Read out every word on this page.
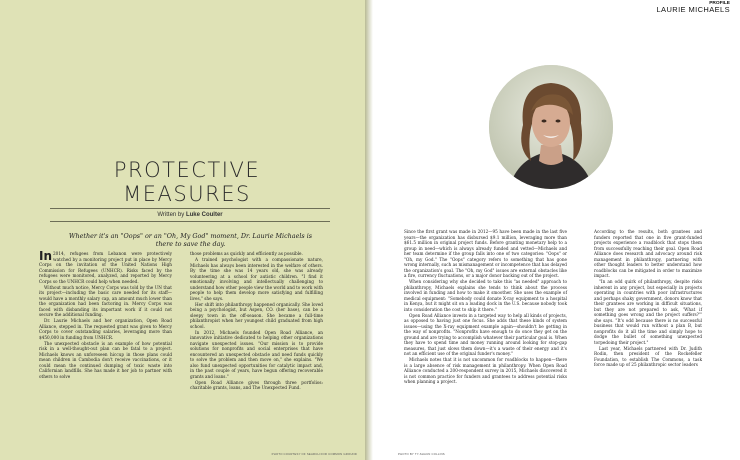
PROTECTIVE
MEASURES
Written by Luke Coulter
Whether it's an "Oops" or an "Oh, My God" moment, Dr. Laurie Michaels is there to save the day.

In 2014, refugees from Lebanon were protectively watched by a monitoring project put in place by Mercy Corps on the invitation of the United Nations High Commission for Refugees (UNHCR). Risks faced by the refugees were monitored, analyzed, and reported by Mercy Corps so the UNHCR could help when needed.

Without much notice, Mercy Corps was told by the UN that its project—including the basic care needed for its staff—would have a monthly salary cap, an amount much lower than the organization had been factoring in. Mercy Corps was faced with disbanding its important work if it could not secure the additional funding.

Dr. Laurie Michaels and her organization, Open Road Alliance, stepped in. The requested grant was given to Mercy Corps to cover outstanding salaries, leveraging more than $450,000 in funding from UNHCR.

The unexpected obstacle is an example of how potential risk in a well-thought-out plan can be fatal to a project. Michaels knows an unforeseen hiccup in those plans could mean children in Cambodia don't receive vaccinations, or it could mean the continued dumping of toxic waste into Californian landfills. She has made it her job to partner with others to solve

those problems as quickly and efficiently as possible.

A trained psychologist with a compassionate nature, Michaels has always been interested in the welfare of others. By the time she was 14 years old, she was already volunteering at a school for autistic children. "I find it emotionally involving and intellectually challenging to understand how other people view the world and to work with people to help them develop more satisfying and fulfilling lives," she says.

Her shift into philanthropy happened organically. She loved being a psychologist, but Aspen, CO. (her base), can be a sleepy town in the off-season. She became a full-time philanthropist when her youngest child graduated from high school.

In 2012, Michaels founded Open Road Alliance, an innovative initiative dedicated to helping other organizations navigate unexpected issues. "Our mission is to provide solutions for nonprofits and social enterprises that have encountered an unexpected obstacle and need funds quickly to solve the problem and then move on," she explains. "We also fund unexpected opportunities for catalytic impact and, in the past couple of years, have begun offering recoverable grants and loans."

Open Road Alliance gives through three portfolios: charitable grants, loans, and The Unexpected Fund.

PHOTO COURTESY OF SEARCH FOR COMMON GROUND

Since the first grant was made in 2012—95 have been made in the last five years—the organization has disbursed $9.1 million, leveraging more than $61.5 million in original project funds. Before granting monetary help to a group in need—which is always already funded and vetted—Michaels and her team determine if the group falls into one of two categories: "Oops" or "Oh, my God." The "Oops" category refers to something that has gone wrong internally, such as mismanagement or incompetence that has delayed the organization's goal. The "Oh, my God" issues are external obstacles like a fire, currency fluctuations, or a major donor backing out of the project.

When considering why she decided to take this "as needed" approach to philanthropy, Michaels explains she tends to think about the process involved in funding and how to make it smoother. She uses the example of medical equipment: "Somebody could donate X-ray equipment to a hospital in Kenya, but it might sit on a loading dock in the U.S. because nobody took into consideration the cost to ship it there."

Open Road Alliance invests in a targeted way to help all kinds of projects, as opposed to having just one focus. She adds that these kinds of system issues—using the X-ray equipment example again—shouldn't be getting in the way of nonprofits. "Nonprofits have enough to do once they get on the ground and are trying to accomplish whatever their particular goal is. When they have to spend time and money running around looking for stop-gap measures, that just slows them down—it's a waste of their energy and it's not an efficient use of the original funder's money."

Michaels notes that it is not uncommon for roadblocks to happen—there is a large absence of risk management in philanthropy. When Open Road Alliance conducted a 200-respondent survey in 2015, Michaels discovered it is not common practice for funders and grantees to address potential risks when planning a project.

According to the results, both grantees and funders reported that one in five grant-funded projects experience a roadblock that stops them from successfully reaching their goal. Open Road Alliance does research and advocacy around risk management in philanthropy, partnering with other thought leaders to better understand how roadblocks can be mitigated in order to maximize impact.

"In an odd quirk of philanthropy, despite risks inherent in any project, but especially in projects operating in countries with poor infrastructures and perhaps shaky government, donors know that their grantees are working in difficult situations, but they are not prepared to ask, 'What if something goes wrong and the project suffers?'" she says. "It's odd because there is no successful business that would run without a plan B, but nonprofits do it all the time and simply hope to dodge the bullet of something unexpected torpedoing their project."

Last year, Michaels partnered with Dr. Judith Rodin, then president of the Rockefeller Foundation, to establish The Commons, a task force made up of 25 philanthropic sector leaders

PHOTO BY TY-SHAUN COLLINS
PROFILE
LAURIE MICHAELS
